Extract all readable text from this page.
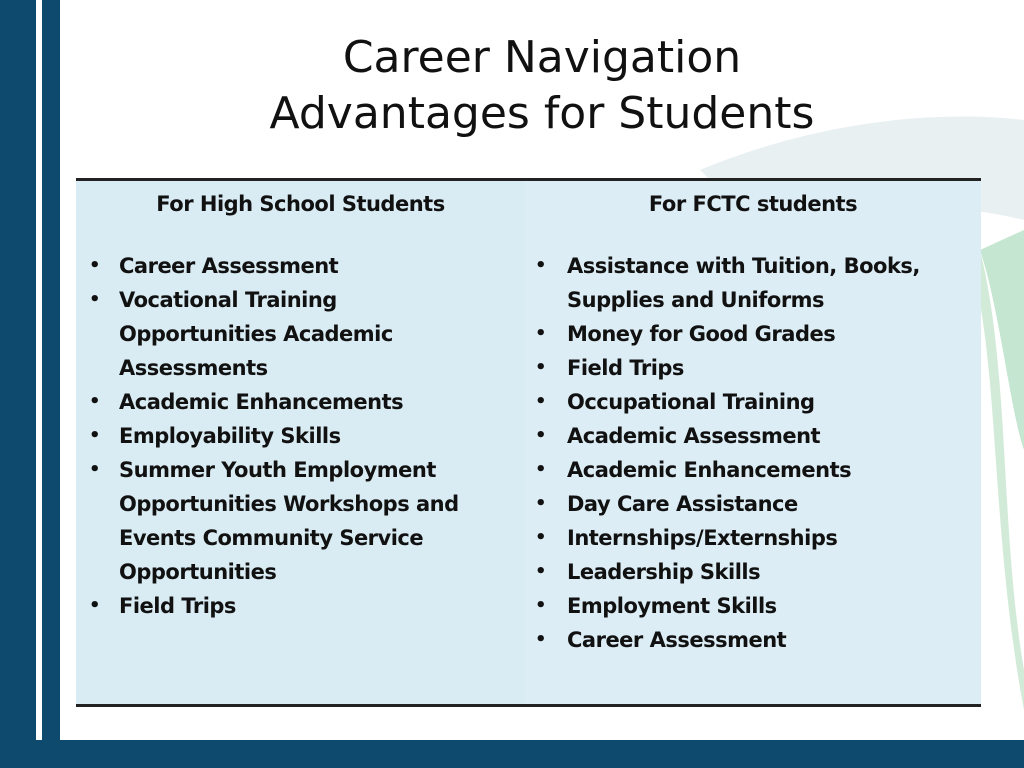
Career Navigation
Advantages for Students
For High School Students
• Career Assessment
• Vocational Training Opportunities Academic Assessments
• Academic Enhancements
• Employability Skills
• Summer Youth Employment Opportunities Workshops and Events Community Service Opportunities
• Field Trips
For FCTC students
• Assistance with Tuition, Books, Supplies and Uniforms
• Money for Good Grades
• Field Trips
• Occupational Training
• Academic Assessment
• Academic Enhancements
• Day Care Assistance
• Internships/Externships
• Leadership Skills
• Employment Skills
• Career Assessment
